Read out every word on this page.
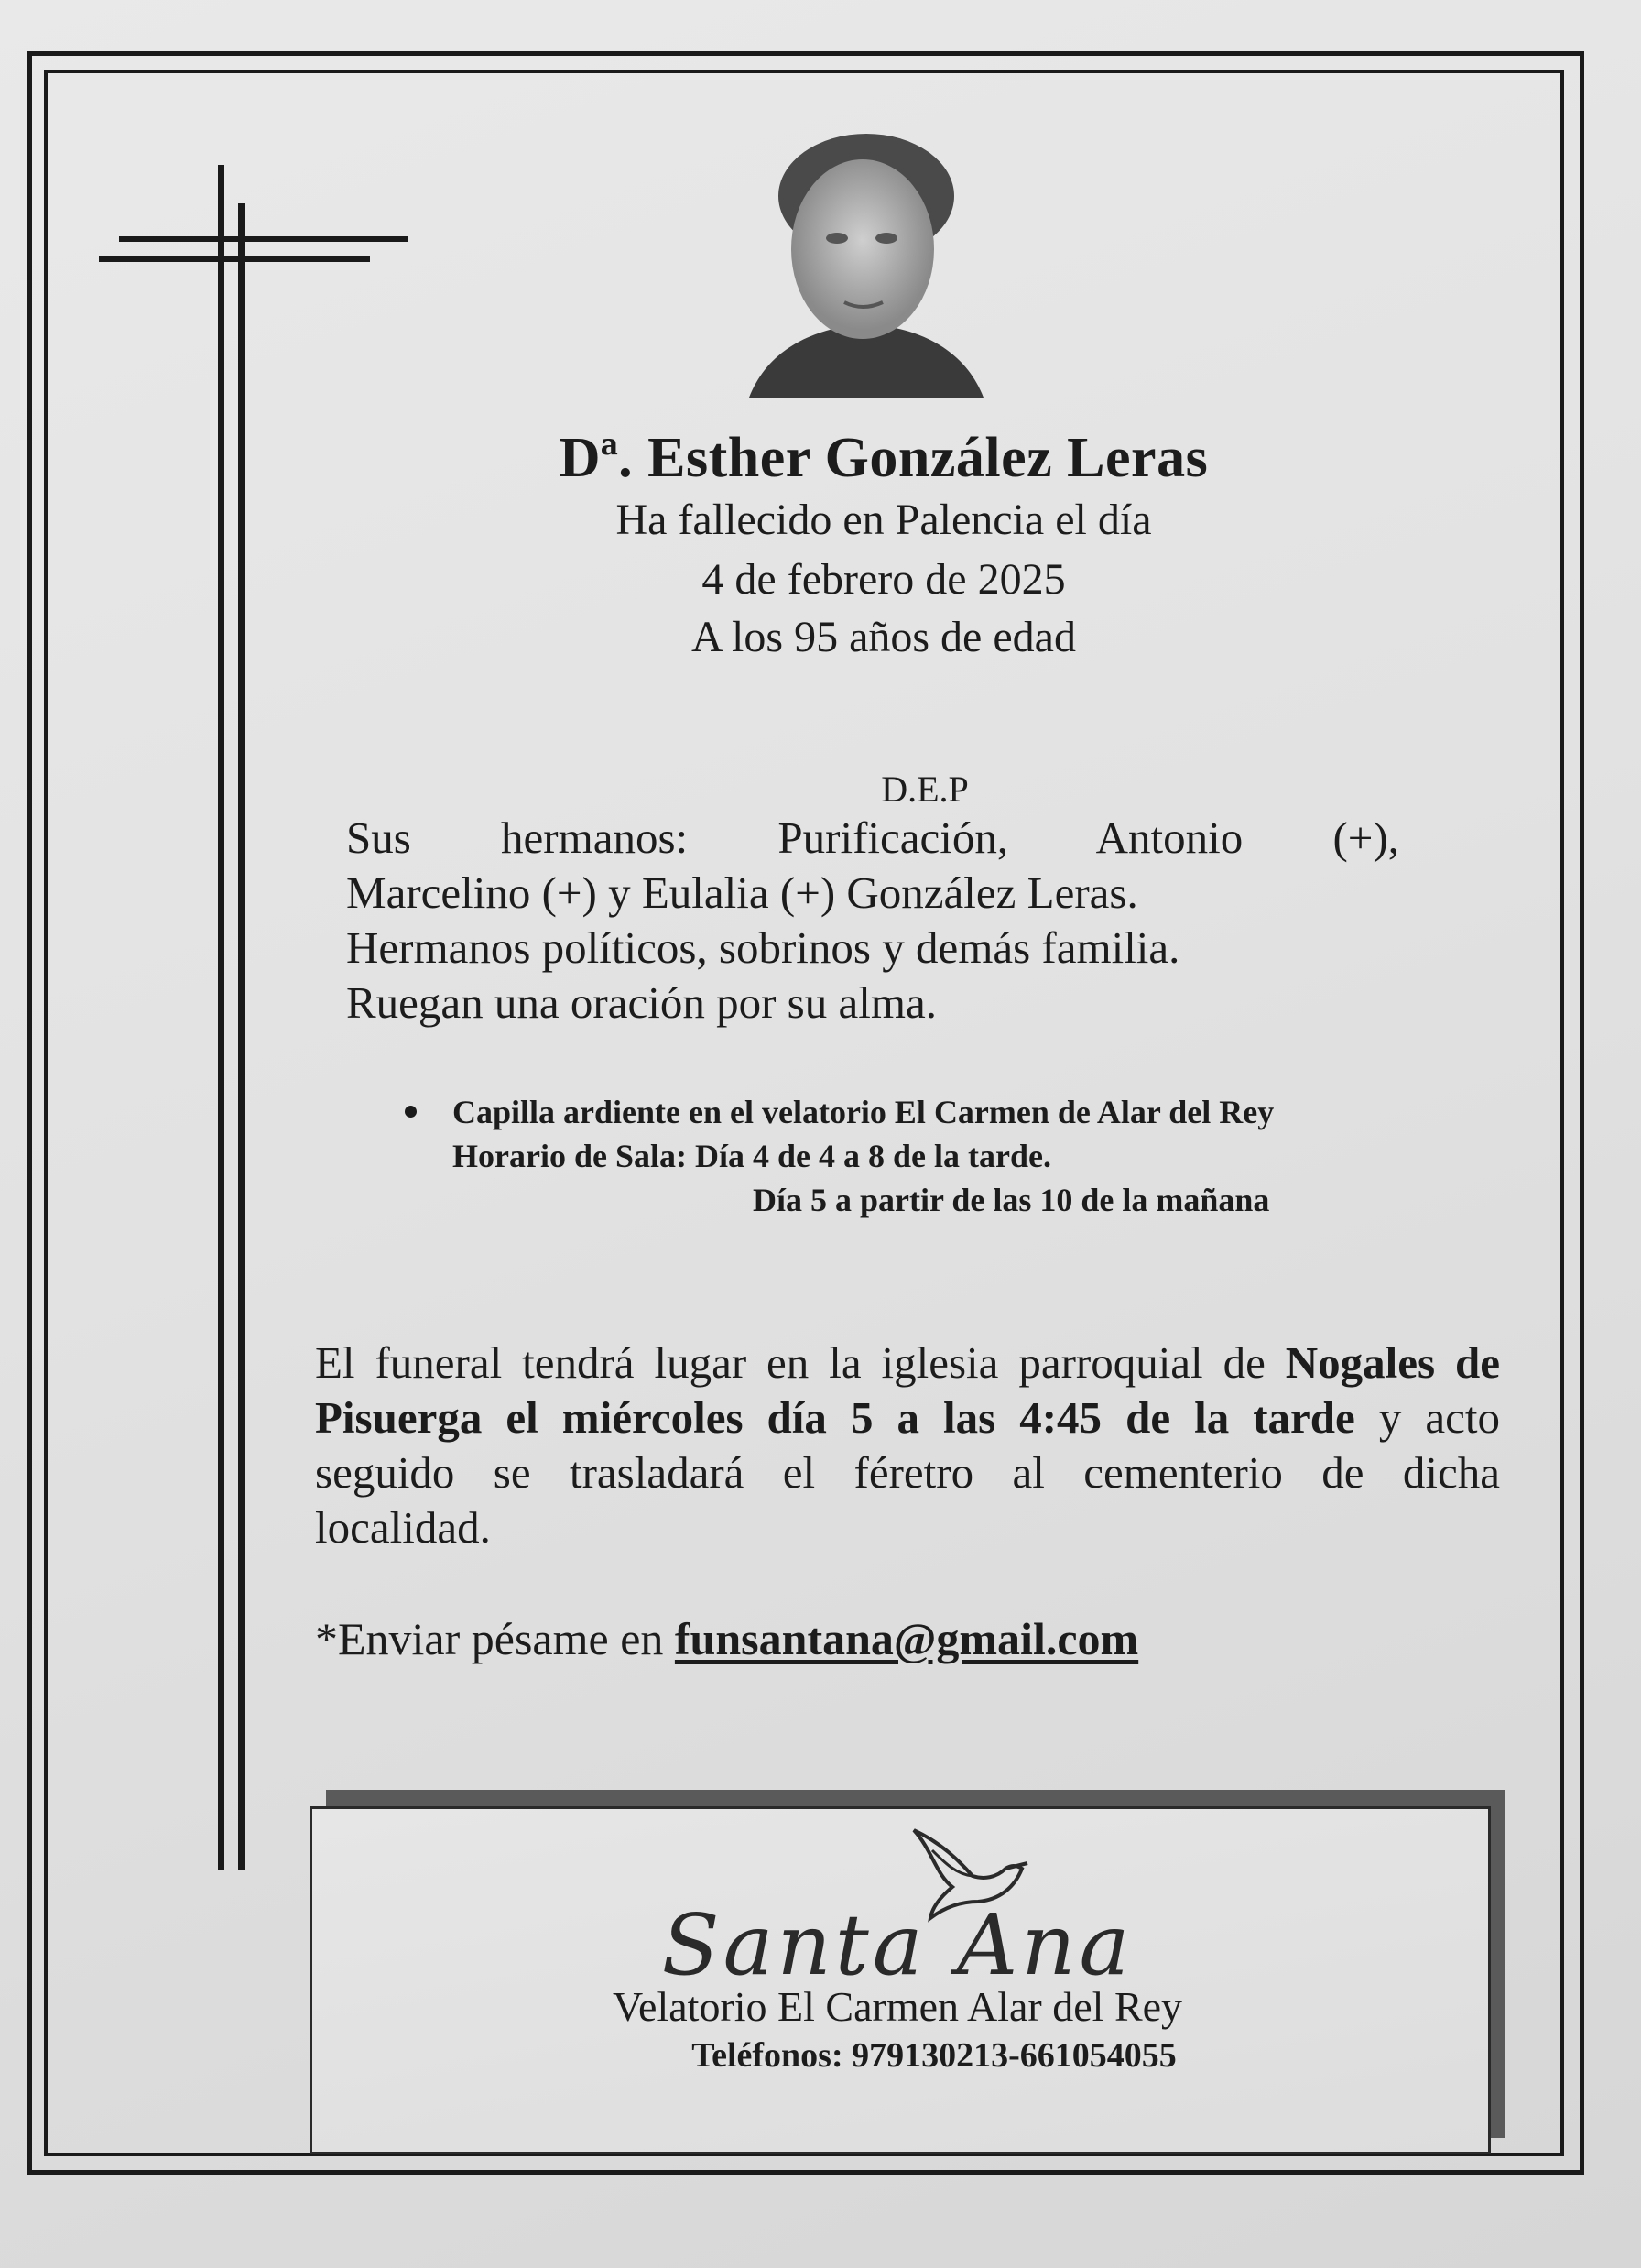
Dª. Esther González Leras
Ha fallecido en Palencia el día
4 de febrero de 2025
A los 95 años de edad
D.E.P
Sus hermanos: Purificación, Antonio (+),
Marcelino (+) y Eulalia (+) González Leras.
Hermanos políticos, sobrinos y demás familia.
Ruegan una oración por su alma.
Capilla ardiente en el velatorio El Carmen de Alar del Rey
Horario de Sala: Día 4 de 4 a 8 de la tarde.
Día 5 a partir de las 10 de la mañana
El funeral tendrá lugar en la iglesia parroquial de Nogales de
Pisuerga el miércoles día 5 a las 4:45 de la tarde y acto
seguido se trasladará el féretro al cementerio de dicha
localidad.
*Enviar pésame en funsantana@gmail.com
Santa Ana
Velatorio El Carmen Alar del Rey
Teléfonos: 979130213-661054055
